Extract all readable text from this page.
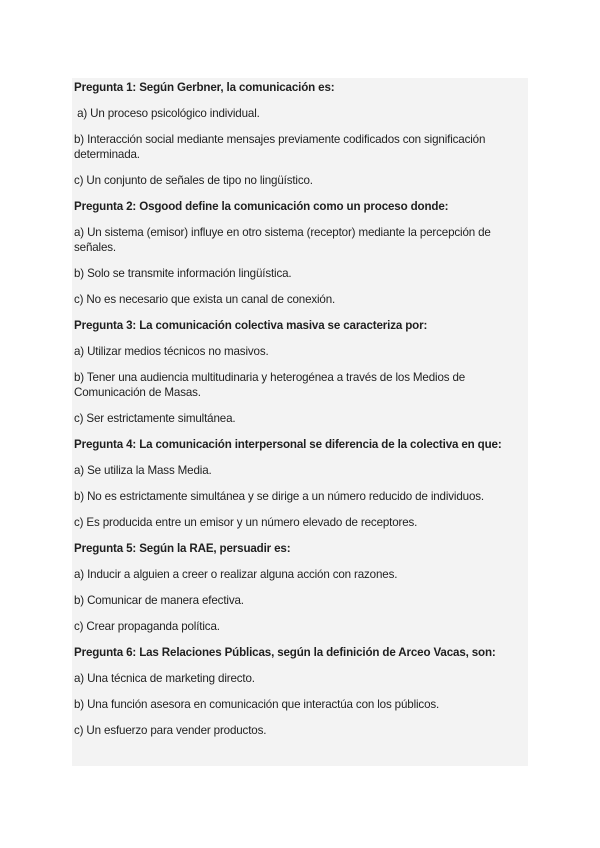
Pregunta 1: Según Gerbner, la comunicación es:
a) Un proceso psicológico individual.
b) Interacción social mediante mensajes previamente codificados con significación determinada.
c) Un conjunto de señales de tipo no lingüístico.
Pregunta 2: Osgood define la comunicación como un proceso donde:
a) Un sistema (emisor) influye en otro sistema (receptor) mediante la percepción de señales.
b) Solo se transmite información lingüística.
c) No es necesario que exista un canal de conexión.
Pregunta 3: La comunicación colectiva masiva se caracteriza por:
a) Utilizar medios técnicos no masivos.
b) Tener una audiencia multitudinaria y heterogénea a través de los Medios de Comunicación de Masas.
c) Ser estrictamente simultánea.
Pregunta 4: La comunicación interpersonal se diferencia de la colectiva en que:
a) Se utiliza la Mass Media.
b) No es estrictamente simultánea y se dirige a un número reducido de individuos.
c) Es producida entre un emisor y un número elevado de receptores.
Pregunta 5: Según la RAE, persuadir es:
a) Inducir a alguien a creer o realizar alguna acción con razones.
b) Comunicar de manera efectiva.
c) Crear propaganda política.
Pregunta 6: Las Relaciones Públicas, según la definición de Arceo Vacas, son:
a) Una técnica de marketing directo.
b) Una función asesora en comunicación que interactúa con los públicos.
c) Un esfuerzo para vender productos.
